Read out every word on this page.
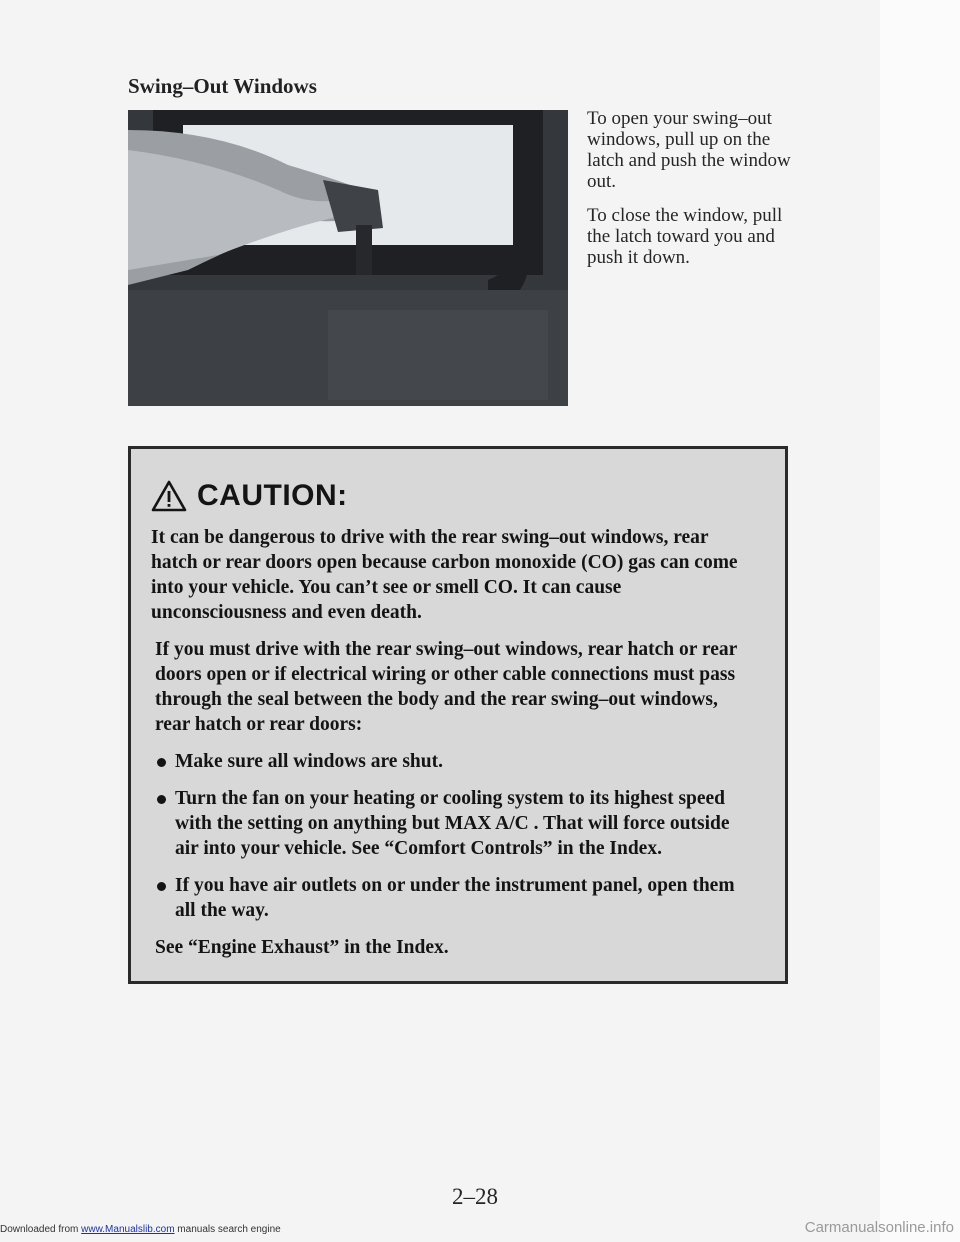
Swing–Out Windows

To open your swing–out windows, pull up on the latch and push the window out.

To close the window, pull the latch toward you and push it down.

CAUTION:

It can be dangerous to drive with the rear swing–out windows, rear hatch or rear doors open because carbon monoxide (CO) gas can come into your vehicle. You can’t see or smell CO. It can cause unconsciousness and even death.

If you must drive with the rear swing–out windows, rear hatch or rear doors open or if electrical wiring or other cable connections must pass through the seal between the body and the rear swing–out windows, rear hatch or rear doors:

Make sure all windows are shut.
Turn the fan on your heating or cooling system to its highest speed with the setting on anything but MAX A/C . That will force outside air into your vehicle. See “Comfort Controls” in the Index.
If you have air outlets on or under the instrument panel, open them all the way.

See “Engine Exhaust” in the Index.

2–28
Downloaded from www.Manualslib.com manuals search engine	Carmanualsonline.info
